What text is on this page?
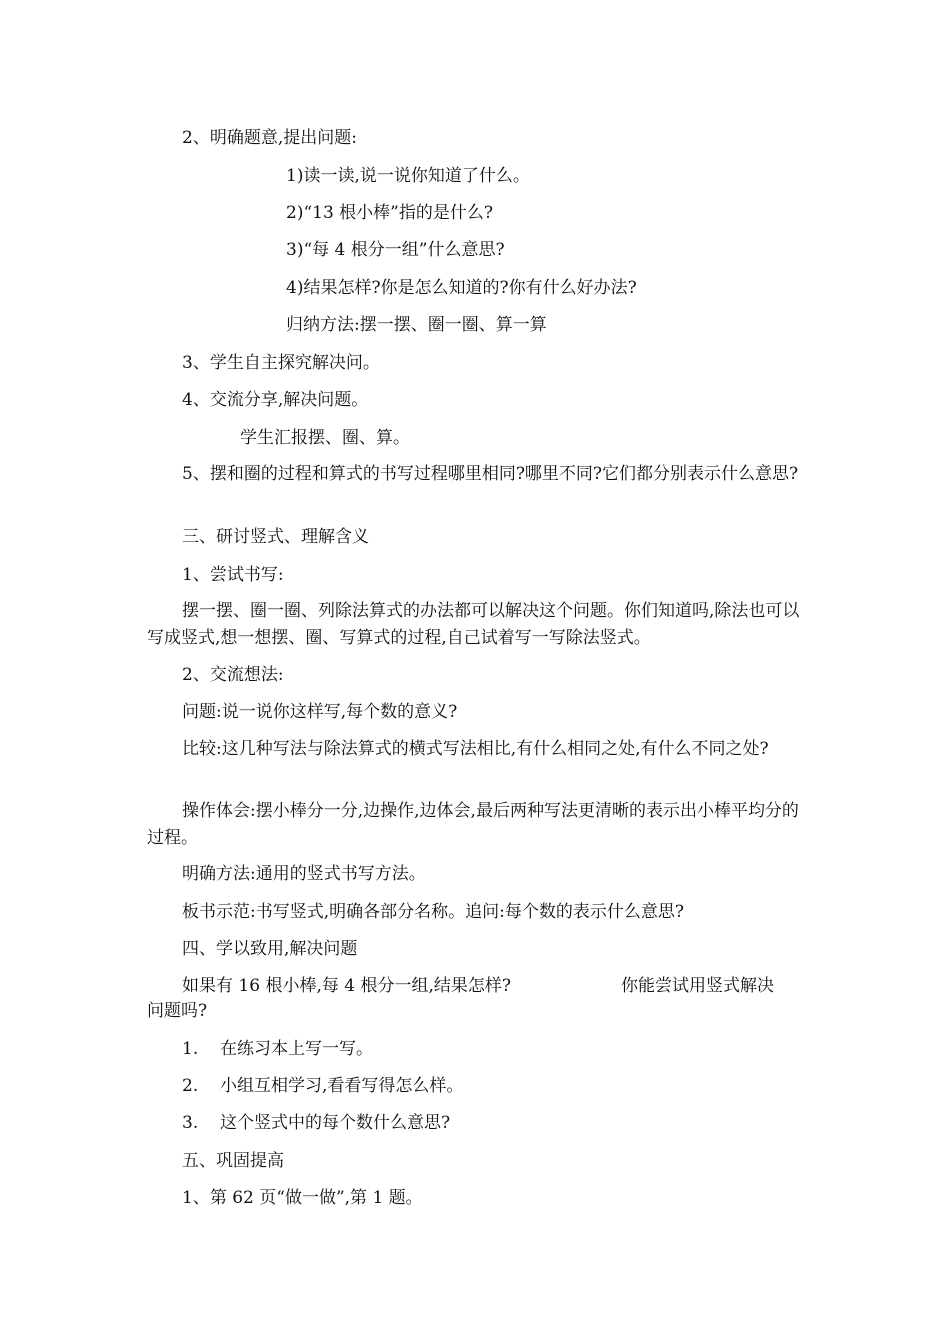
2、明确题意,提出问题:
1)读一读,说一说你知道了什么。
2)“13 根小棒”指的是什么?
3)“每 4 根分一组”什么意思?
4)结果怎样?你是怎么知道的?你有什么好办法?
归纳方法:摆一摆、圈一圈、算一算
3、学生自主探究解决问。
4、交流分享,解决问题。
学生汇报摆、圈、算。
5、摆和圈的过程和算式的书写过程哪里相同?哪里不同?它们都分别表示什么意思?
三、研讨竖式、理解含义
1、尝试书写:
摆一摆、圈一圈、列除法算式的办法都可以解决这个问题。你们知道吗,除法也可以写成竖式,想一想摆、圈、写算式的过程,自己试着写一写除法竖式。
2、交流想法:
问题:说一说你这样写,每个数的意义?
比较:这几种写法与除法算式的横式写法相比,有什么相同之处,有什么不同之处?
操作体会:摆小棒分一分,边操作,边体会,最后两种写法更清晰的表示出小棒平均分的过程。
明确方法:通用的竖式书写方法。
板书示范:书写竖式,明确各部分名称。追问:每个数的表示什么意思?
四、学以致用,解决问题
如果有 16 根小棒,每 4 根分一组,结果怎样?	你能尝试用竖式解决
问题吗?
1. 在练习本上写一写。
2. 小组互相学习,看看写得怎么样。
3. 这个竖式中的每个数什么意思?
五、巩固提高
1、第 62 页“做一做”,第 1 题。
